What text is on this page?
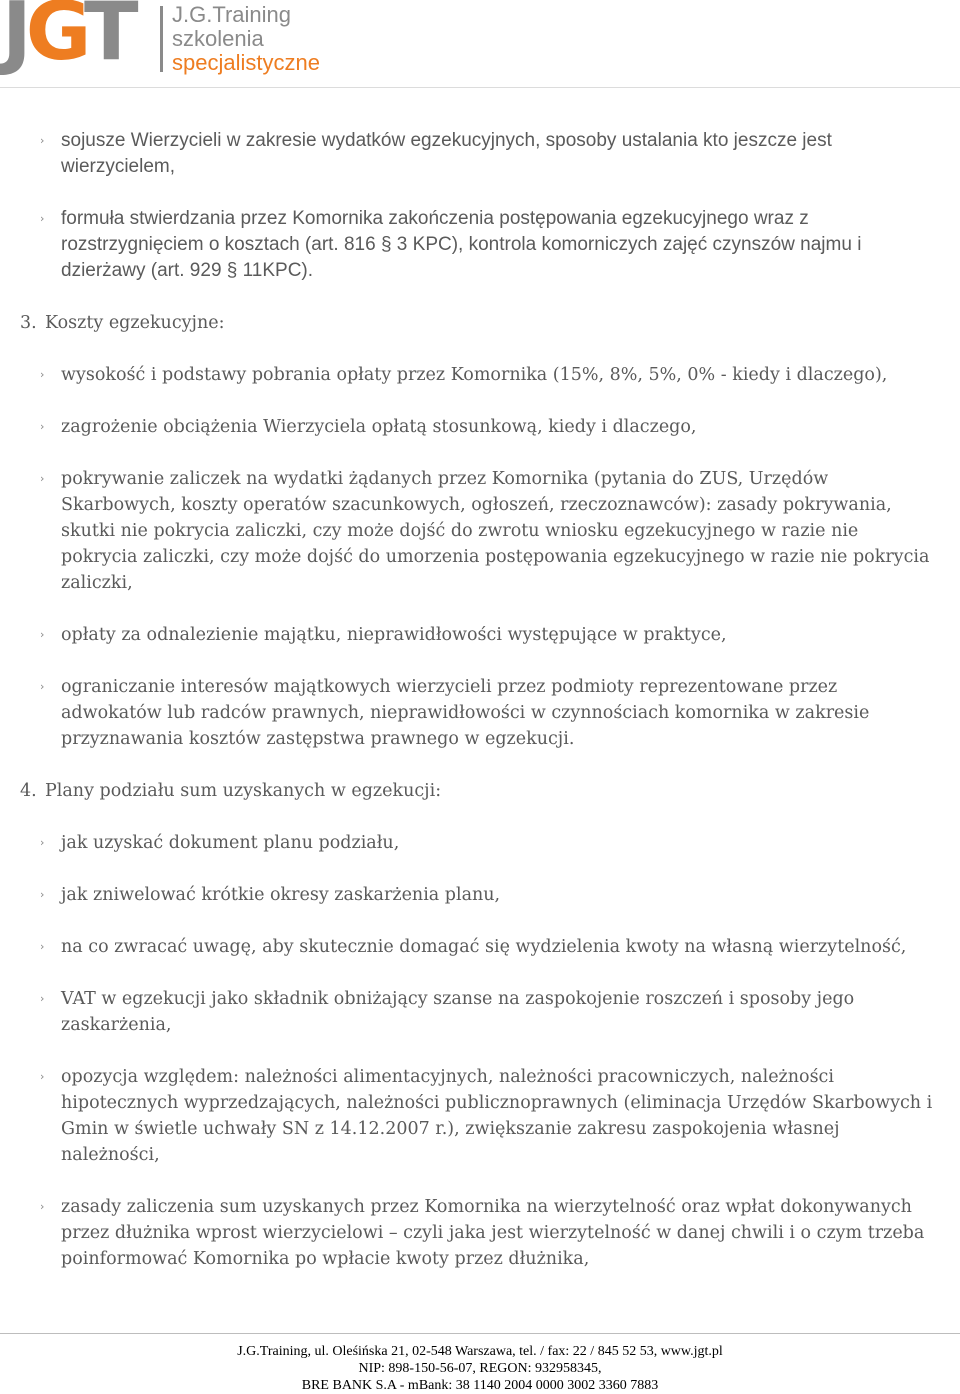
JGT J.G.Training
szkolenia
specjalistyczne
› sojusze Wierzycieli w zakresie wydatków egzekucyjnych, sposoby ustalania kto jeszcze jest wierzycielem,
› formuła stwierdzania przez Komornika zakończenia postępowania egzekucyjnego wraz z rozstrzygnięciem o kosztach (art. 816 § 3 KPC), kontrola komorniczych zajęć czynszów najmu i dzierżawy (art. 929 § 11KPC).
3. Koszty egzekucyjne:
› wysokość i podstawy pobrania opłaty przez Komornika (15%, 8%, 5%, 0% - kiedy i dlaczego),
› zagrożenie obciążenia Wierzyciela opłatą stosunkową, kiedy i dlaczego,
› pokrywanie zaliczek na wydatki żądanych przez Komornika (pytania do ZUS, Urzędów Skarbowych, koszty operatów szacunkowych, ogłoszeń, rzeczoznawców): zasady pokrywania, skutki nie pokrycia zaliczki, czy może dojść do zwrotu wniosku egzekucyjnego w razie nie pokrycia zaliczki, czy może dojść do umorzenia postępowania egzekucyjnego w razie nie pokrycia zaliczki,
› opłaty za odnalezienie majątku, nieprawidłowości występujące w praktyce,
› ograniczanie interesów majątkowych wierzycieli przez podmioty reprezentowane przez adwokatów lub radców prawnych, nieprawidłowości w czynnościach komornika w zakresie przyznawania kosztów zastępstwa prawnego w egzekucji.
4. Plany podziału sum uzyskanych w egzekucji:
› jak uzyskać dokument planu podziału,
› jak zniwelować krótkie okresy zaskarżenia planu,
› na co zwracać uwagę, aby skutecznie domagać się wydzielenia kwoty na własną wierzytelność,
› VAT w egzekucji jako składnik obniżający szanse na zaspokojenie roszczeń i sposoby jego zaskarżenia,
› opozycja względem: należności alimentacyjnych, należności pracowniczych, należności hipotecznych wyprzedzających, należności publicznoprawnych (eliminacja Urzędów Skarbowych i Gmin w świetle uchwały SN z 14.12.2007 r.), zwiększanie zakresu zaspokojenia własnej należności,
› zasady zaliczenia sum uzyskanych przez Komornika na wierzytelność oraz wpłat dokonywanych przez dłużnika wprost wierzycielowi – czyli jaka jest wierzytelność w danej chwili i o czym trzeba poinformować Komornika po wpłacie kwoty przez dłużnika,
J.G.Training, ul. Oleśińska 21, 02-548 Warszawa, tel. / fax: 22 / 845 52 53, www.jgt.pl
NIP: 898-150-56-07, REGON: 932958345,
BRE BANK S.A - mBank: 38 1140 2004 0000 3002 3360 7883
